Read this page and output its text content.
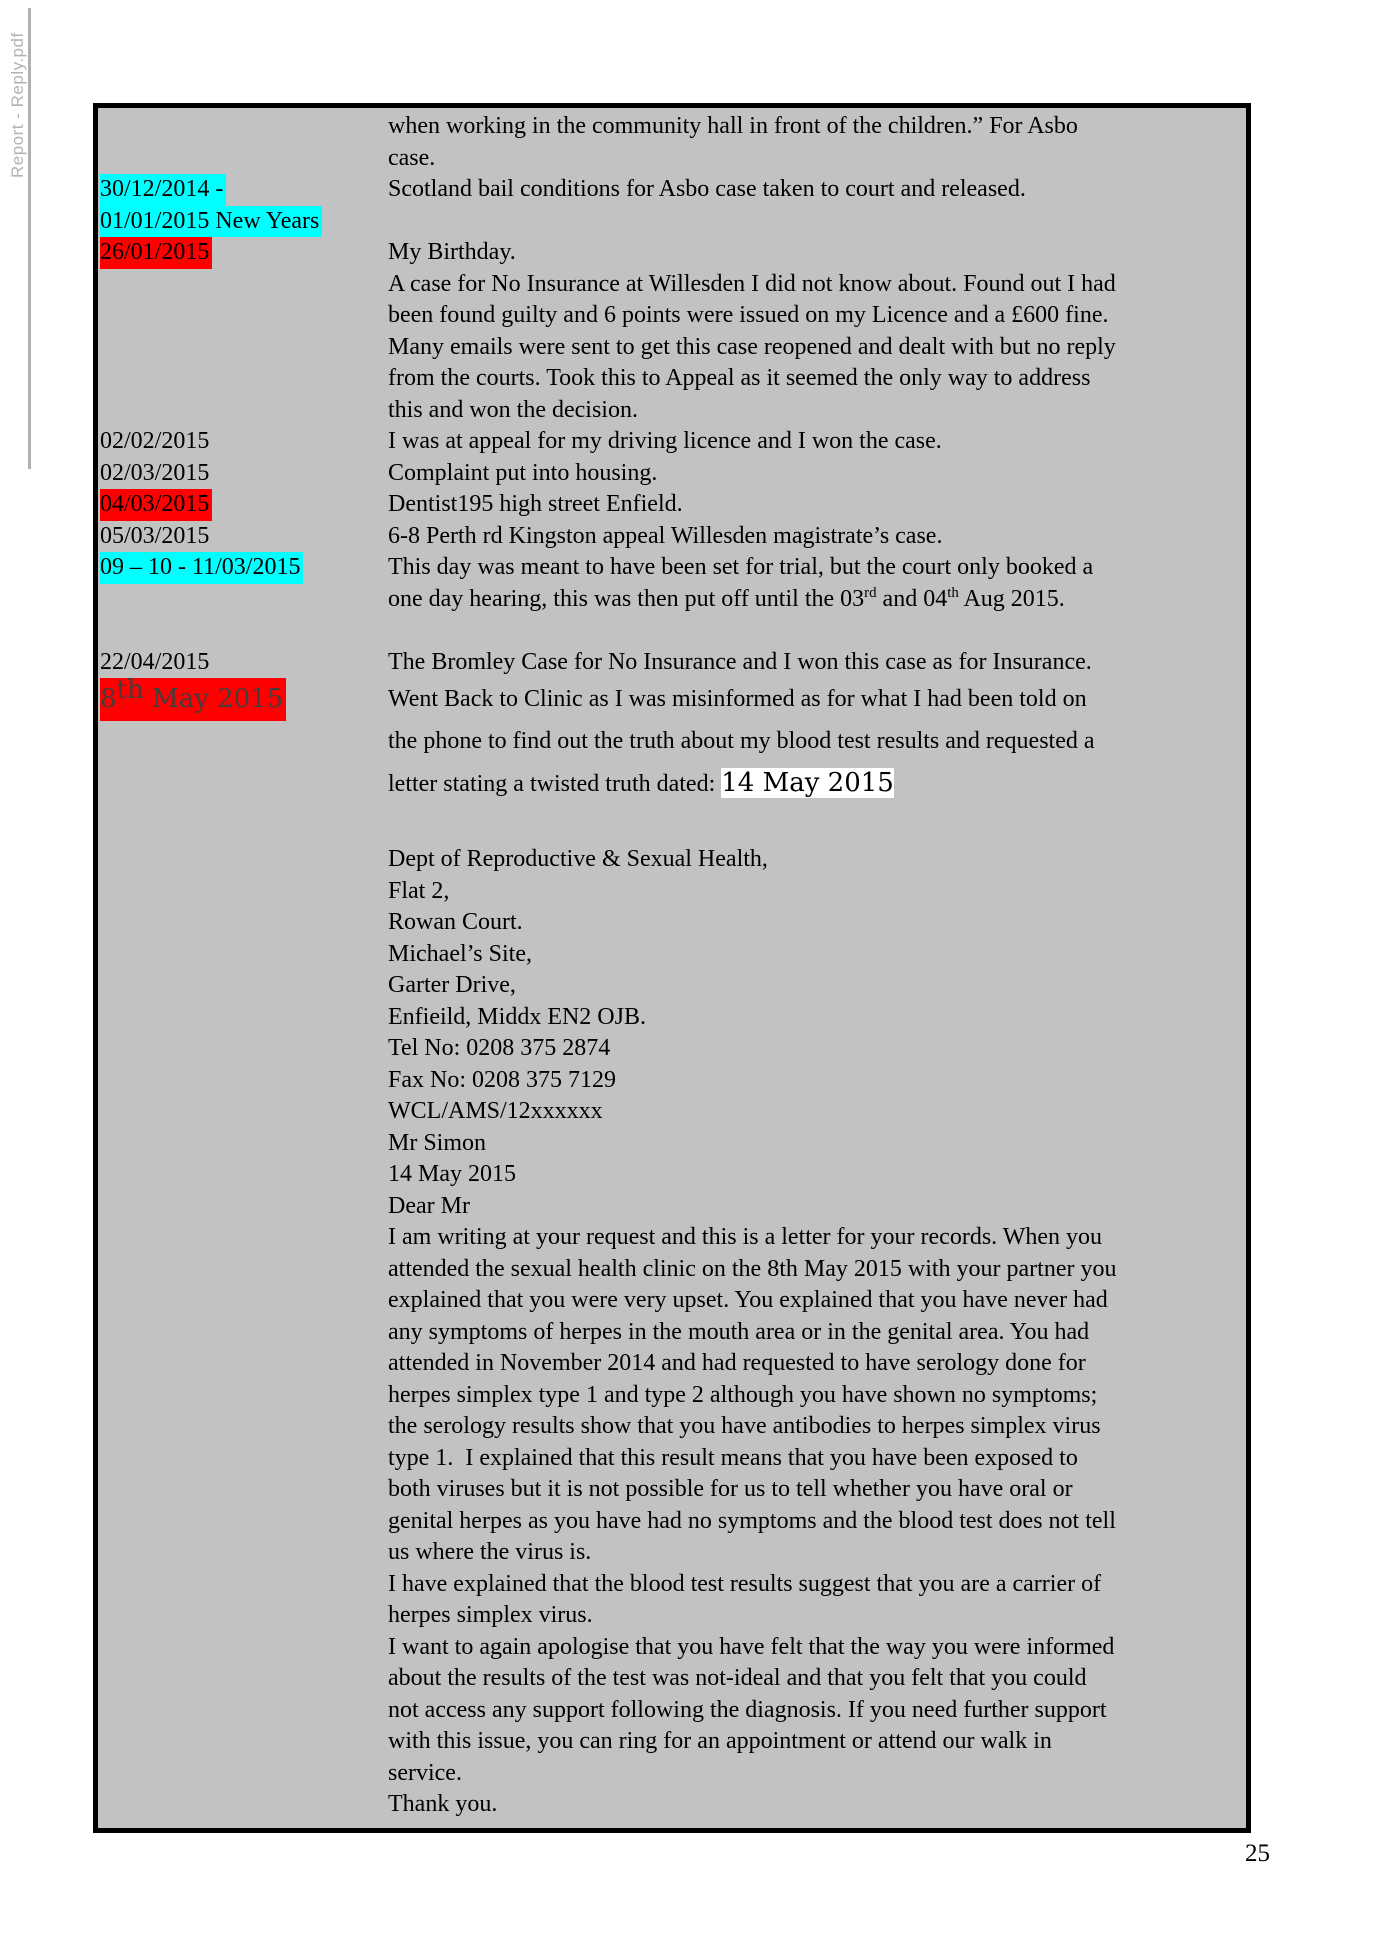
Report - Reply.pdf	when working in the community hall in front of the children.” For Asbo
case.
30/12/2014 -	Scotland bail conditions for Asbo case taken to court and released.
01/01/2015 New Years
26/01/2015	My Birthday.
A case for No Insurance at Willesden I did not know about. Found out I had
been found guilty and 6 points were issued on my Licence and a £600 fine.
Many emails were sent to get this case reopened and dealt with but no reply
from the courts. Took this to Appeal as it seemed the only way to address
this and won the decision.
02/02/2015	I was at appeal for my driving licence and I won the case.
02/03/2015	Complaint put into housing.
04/03/2015	Dentist195 high street Enfield.
05/03/2015	6-8 Perth rd Kingston appeal Willesden magistrate’s case.
09 – 10 - 11/03/2015	This day was meant to have been set for trial, but the court only booked a
one day hearing, this was then put off until the 03rd and 04th Aug 2015.
22/04/2015	The Bromley Case for No Insurance and I won this case as for Insurance.
8th May 2015	Went Back to Clinic as I was misinformed as for what I had been told on
the phone to find out the truth about my blood test results and requested a
letter stating a twisted truth dated: 14 May 2015
Dept of Reproductive & Sexual Health,
Flat 2,
Rowan Court.
Michael’s Site,
Garter Drive,
Enfieild, Middx EN2 OJB.
Tel No: 0208 375 2874
Fax No: 0208 375 7129
WCL/AMS/12xxxxxx
Mr Simon
14 May 2015
Dear Mr
I am writing at your request and this is a letter for your records. When you
attended the sexual health clinic on the 8th May 2015 with your partner you
explained that you were very upset. You explained that you have never had
any symptoms of herpes in the mouth area or in the genital area. You had
attended in November 2014 and had requested to have serology done for
herpes simplex type 1 and type 2 although you have shown no symptoms;
the serology results show that you have antibodies to herpes simplex virus
type 1.  I explained that this result means that you have been exposed to
both viruses but it is not possible for us to tell whether you have oral or
genital herpes as you have had no symptoms and the blood test does not tell
us where the virus is.
I have explained that the blood test results suggest that you are a carrier of
herpes simplex virus.
I want to again apologise that you have felt that the way you were informed
about the results of the test was not-ideal and that you felt that you could
not access any support following the diagnosis. If you need further support
with this issue, you can ring for an appointment or attend our walk in
service.
Thank you.
25
